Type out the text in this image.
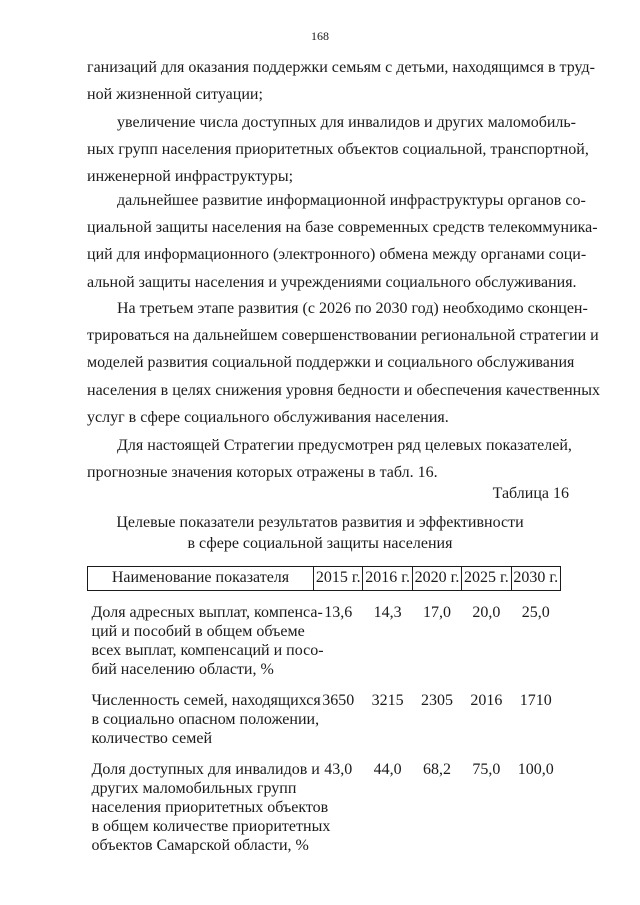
168
ганизаций для оказания поддержки семьям с детьми, находящимся в труд-
ной жизненной ситуации;
увеличение числа доступных для инвалидов и других маломобиль-
ных групп населения приоритетных объектов социальной, транспортной,
инженерной инфраструктуры;
дальнейшее развитие информационной инфраструктуры органов со-
циальной защиты населения на базе современных средств телекоммуника-
ций для информационного (электронного) обмена между органами соци-
альной защиты населения и учреждениями социального обслуживания.
На третьем этапе развития (с 2026 по 2030 год) необходимо сконцен-
трироваться на дальнейшем совершенствовании региональной стратегии и
моделей развития социальной поддержки и социального обслуживания
населения в целях снижения уровня бедности и обеспечения качественных
услуг в сфере социального обслуживания населения.
Для настоящей Стратегии предусмотрен ряд целевых показателей,
прогнозные значения которых отражены в табл. 16.
Таблица 16
Целевые показатели результатов развития и эффективности
в сфере социальной защиты населения
Наименование показателя	2015 г.	2016 г.	2020 г.	2025 г.	2030 г.

Доля адресных выплат, компенса-
ций и пособий в общем объеме
всех выплат, компенсаций и посо-
бий населению области, %	13,6	14,3	17,0	20,0	25,0

Численность семей, находящихся
в социально опасном положении,
количество семей	3650	3215	2305	2016	1710

Доля доступных для инвалидов и
других маломобильных групп
населения приоритетных объектов
в общем количестве приоритетных
объектов Самарской области, %	43,0	44,0	68,2	75,0	100,0
